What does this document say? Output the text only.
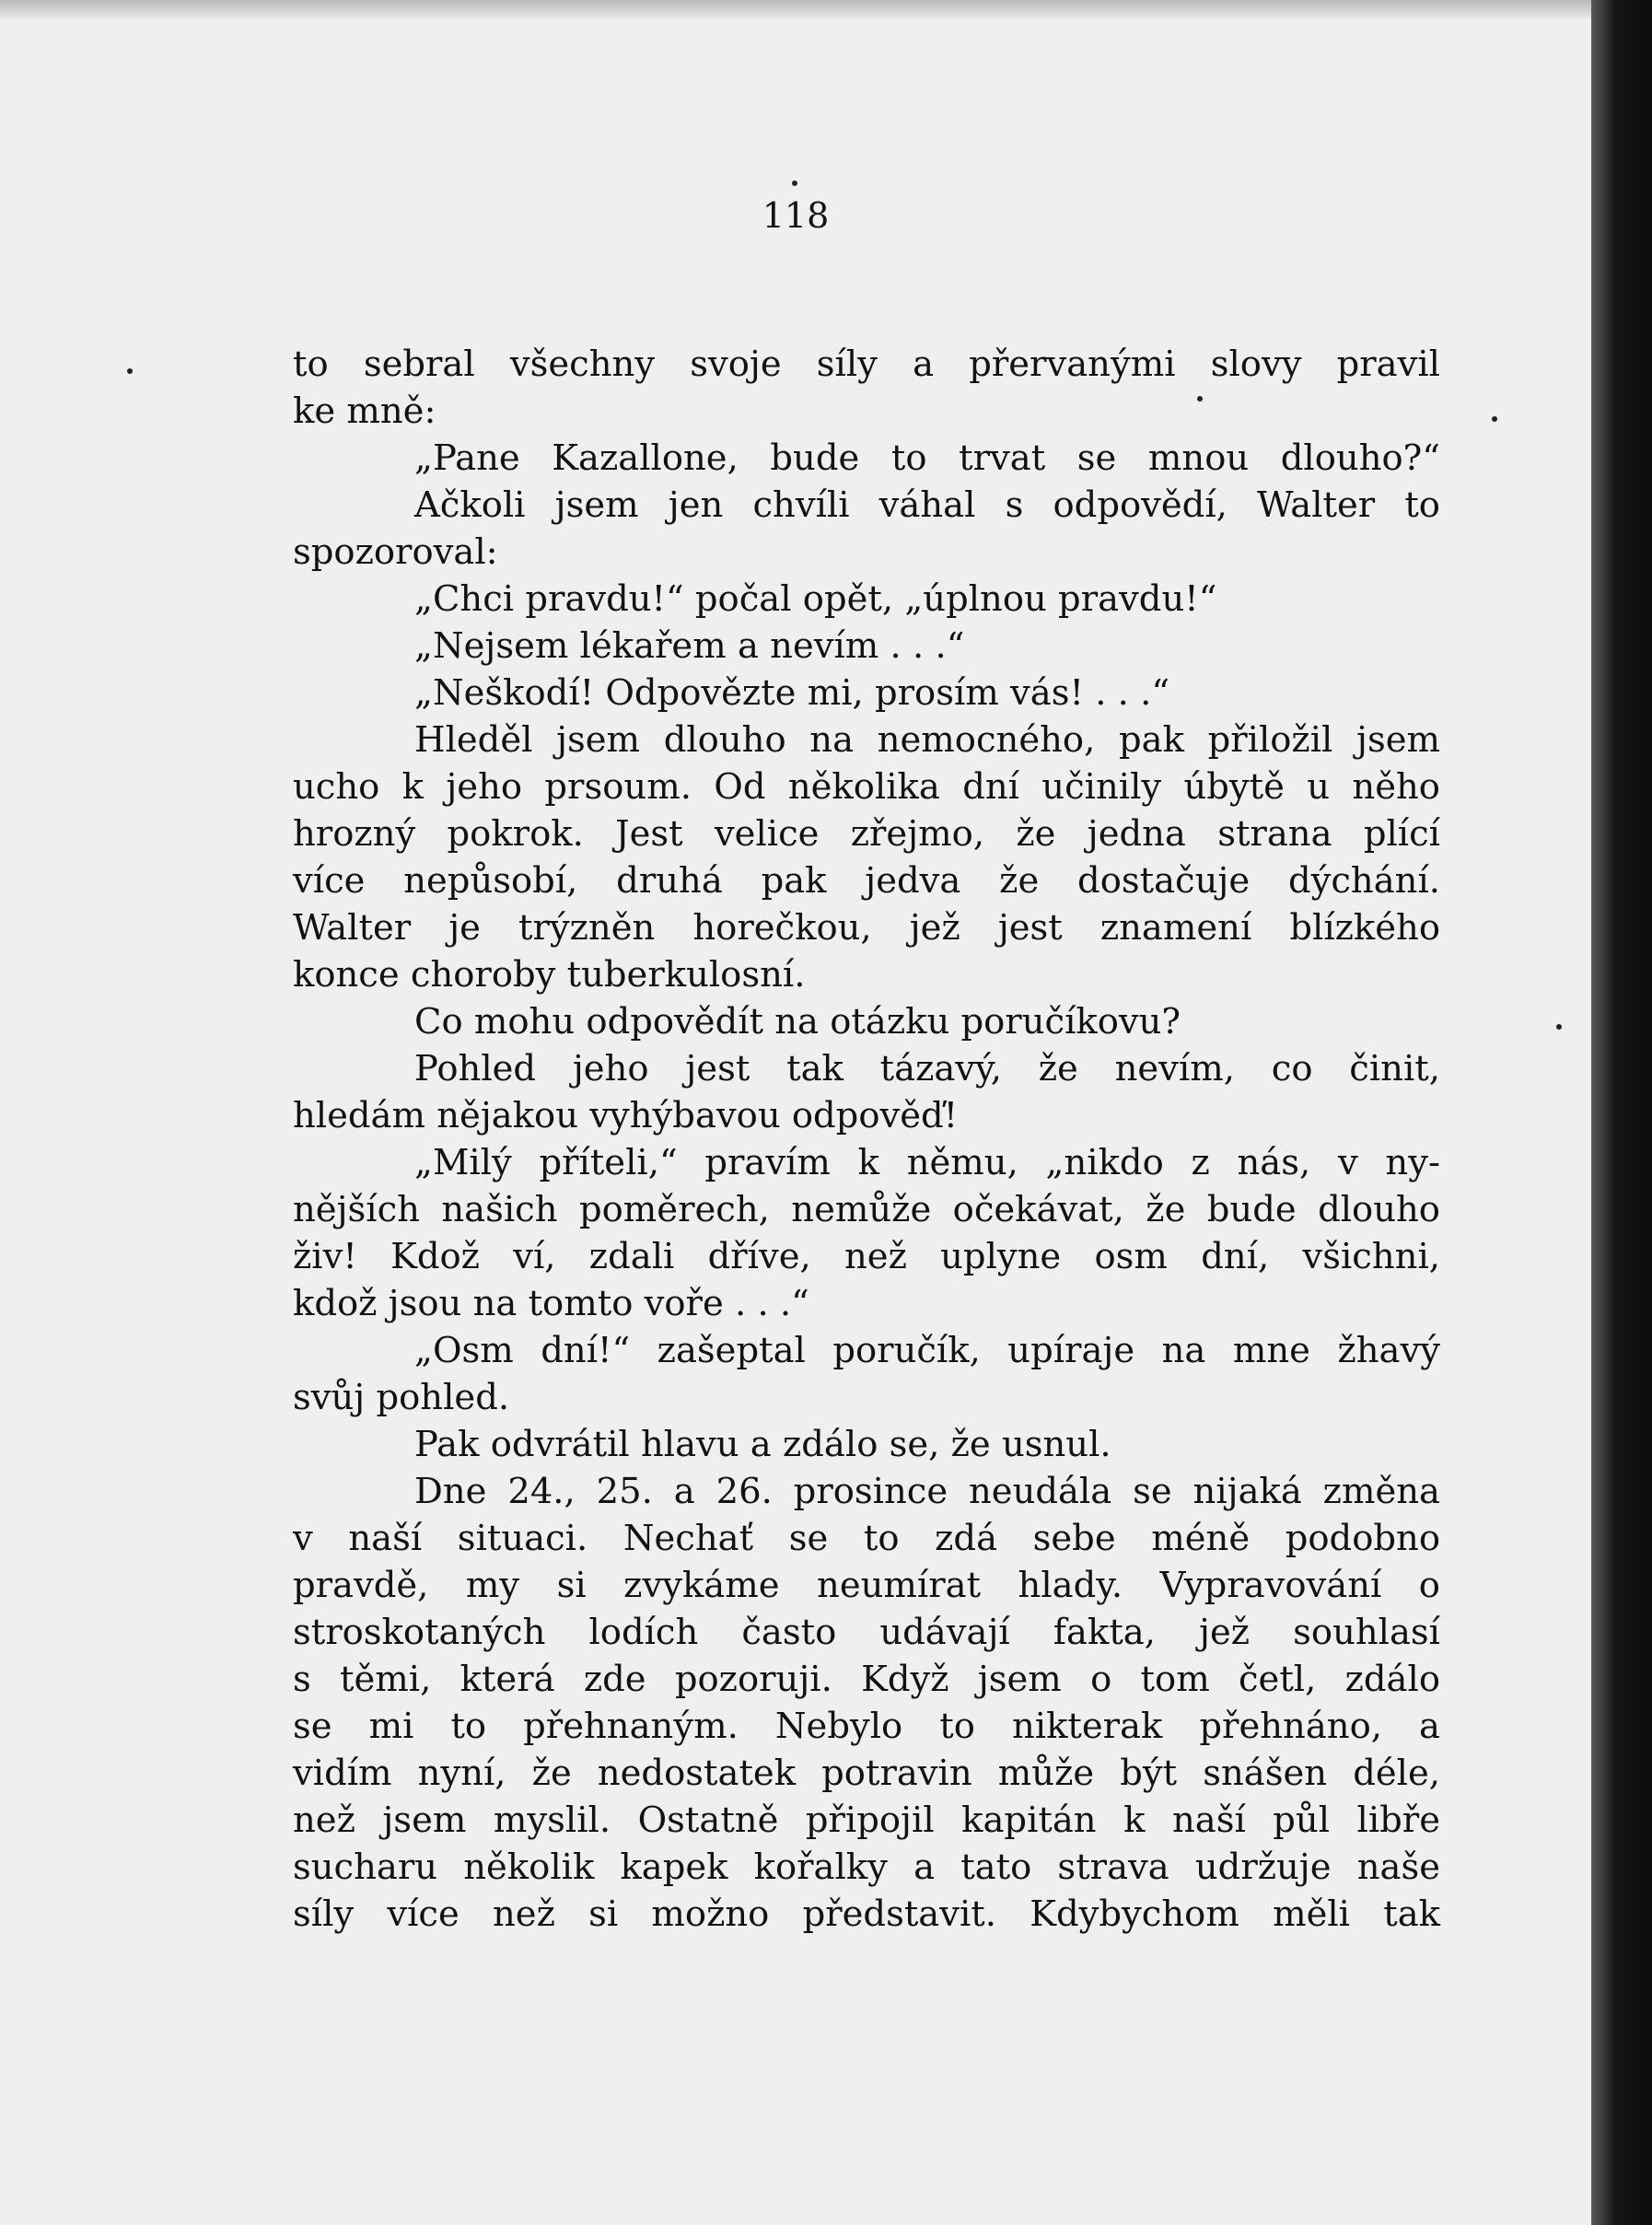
118
to sebral všechny svoje síly a přervanými slovy pravil
ke mně:
„Pane Kazallone, bude to trvat se mnou dlouho?“
Ačkoli jsem jen chvíli váhal s odpovědí, Walter to
spozoroval:
„Chci pravdu!“ počal opět, „úplnou pravdu!“
„Nejsem lékařem a nevím . . .“
„Neškodí! Odpovězte mi, prosím vás! . . .“
Hleděl jsem dlouho na nemocného, pak přiložil jsem
ucho k jeho prsoum. Od několika dní učinily úbytě u něho
hrozný pokrok. Jest velice zřejmo, že jedna strana plící
více nepůsobí, druhá pak jedva že dostačuje dýchání.
Walter je trýzněn horečkou, jež jest znamení blízkého
konce choroby tuberkulosní.
Co mohu odpovědít na otázku poručíkovu?
Pohled jeho jest tak tázavý, že nevím, co činit,
hledám nějakou vyhýbavou odpověď!
„Milý příteli,“ pravím k němu, „nikdo z nás, v ny-
nějších našich poměrech, nemůže očekávat, že bude dlouho
živ! Kdož ví, zdali dříve, než uplyne osm dní, všichni,
kdož jsou na tomto voře . . .“
„Osm dní!“ zašeptal poručík, upíraje na mne žhavý
svůj pohled.
Pak odvrátil hlavu a zdálo se, že usnul.
Dne 24., 25. a 26. prosince neudála se nijaká změna
v naší situaci. Nechať se to zdá sebe méně podobno
pravdě, my si zvykáme neumírat hlady. Vypravování o
stroskotaných lodích často udávají fakta, jež souhlasí
s těmi, která zde pozoruji. Když jsem o tom četl, zdálo
se mi to přehnaným. Nebylo to nikterak přehnáno, a
vidím nyní, že nedostatek potravin může být snášen déle,
než jsem myslil. Ostatně připojil kapitán k naší půl libře
sucharu několik kapek kořalky a tato strava udržuje naše
síly více než si možno představit. Kdybychom měli tak
